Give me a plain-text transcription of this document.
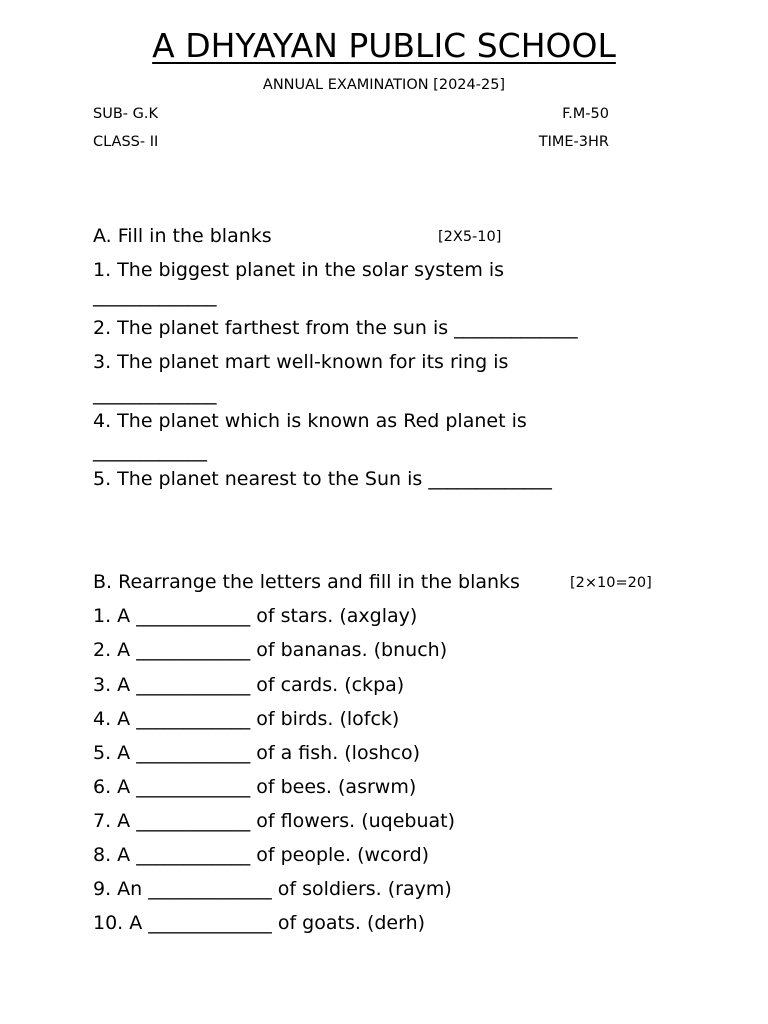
A DHYAYAN PUBLIC SCHOOL
ANNUAL EXAMINATION [2024-25]
SUB- G.K	F.M-50
CLASS- II	TIME-3HR
A. Fill in the blanks	[2X5-10]
1. The biggest planet in the solar system is
_____________
2. The planet farthest from the sun is _____________
3. The planet mart well-known for its ring is
_____________
4. The planet which is known as Red planet is
____________
5. The planet nearest to the Sun is _____________
B. Rearrange the letters and fill in the blanks	[2×10=20]
1. A ____________ of stars. (axglay)
2. A ____________ of bananas. (bnuch)
3. A ____________ of cards. (ckpa)
4. A ____________ of birds. (lofck)
5. A ____________ of a fish. (loshco)
6. A ____________ of bees. (asrwm)
7. A ____________ of flowers. (uqebuat)
8. A ____________ of people. (wcord)
9. An _____________ of soldiers. (raym)
10. A _____________ of goats. (derh)
